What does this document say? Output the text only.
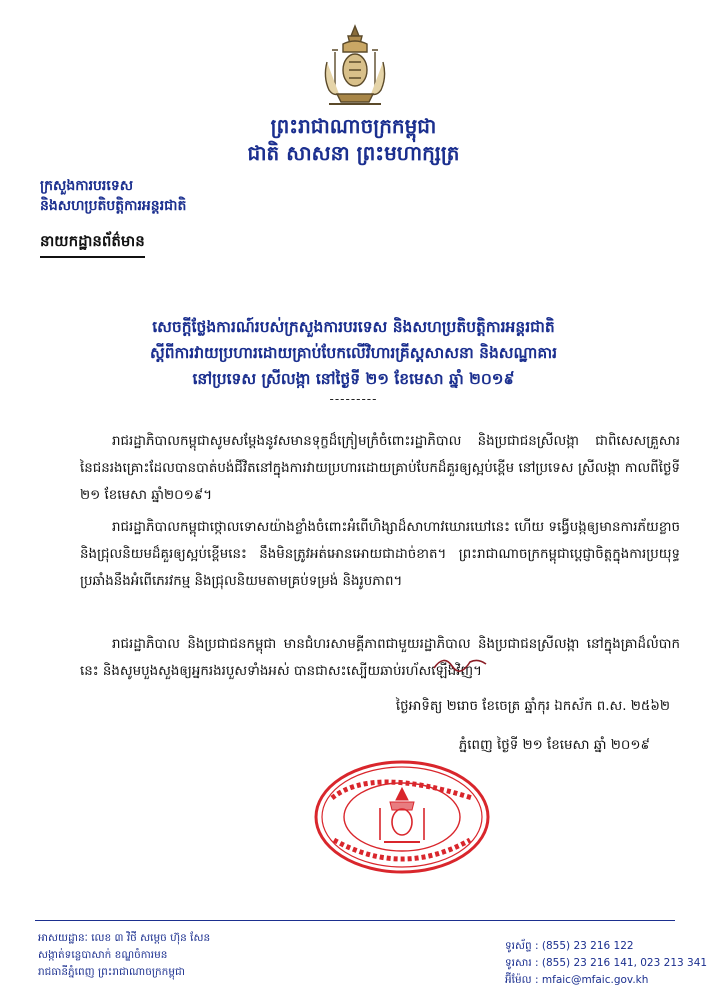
ព្រះរាជាណាចក្រកម្ពុជា
ជាតិ សាសនា ព្រះមហាក្សត្រ
ក្រសួងការបរទេស
និងសហប្រតិបត្តិការអន្តរជាតិ
នាយកដ្ឋានព័ត៌មាន
សេចក្តីថ្លែងការណ៍របស់ក្រសួងការបរទេស និងសហប្រតិបត្តិការអន្តរជាតិ
ស្តីពីការវាយប្រហារដោយគ្រាប់បែកលើវិហារគ្រីស្តសាសនា និងសណ្ឋាគារ
នៅប្រទេស ស្រីលង្កា នៅថ្ងៃទី ២១ ខែមេសា ឆ្នាំ ២០១៩
---------
រាជរដ្ឋាភិបាលកម្ពុជាសូមសម្តែងនូវសមានទុក្ខដ៏ក្រៀមក្រំចំពោះរដ្ឋាភិបាល និងប្រជាជនស្រីលង្កា ជាពិសេសគ្រួសារនៃជនរងគ្រោះដែលបានបាត់បង់ជីវិតនៅក្នុងការវាយប្រហារដោយគ្រាប់បែកដ៏គួរឲ្យស្អប់ខ្ពើម នៅប្រទេស ស្រីលង្កា កាលពីថ្ងៃទី ២១ ខែមេសា ឆ្នាំ២០១៩។
រាជរដ្ឋាភិបាលកម្ពុជាថ្កោលទោសយ៉ាងខ្លាំងចំពោះអំពើហិង្សាដ៏សាហាវឃោរឃៅនេះ ហើយ ទង្វើបង្កឲ្យមានការភ័យខ្លាច និងជ្រុលនិយមដ៏គួរឲ្យស្អប់ខ្ពើមនេះ នឹងមិនត្រូវអត់អោនអោយជាដាច់ខាត។ ព្រះរាជាណាចក្រកម្ពុជាប្តេជ្ញាចិត្តក្នុងការប្រយុទ្ធប្រឆាំងនឹងអំពើភេរវកម្ម និងជ្រុលនិយមតាមគ្រប់ទម្រង់ និងរូបភាព។
រាជរដ្ឋាភិបាល និងប្រជាជនកម្ពុជា មានជំហរសាមគ្គីភាពជាមួយរដ្ឋាភិបាល និងប្រជាជនស្រីលង្កា នៅក្នុងគ្រាដ៏លំបាកនេះ និងសូមបួងសួងឲ្យអ្នករងរបួសទាំងអស់ បានជាសះស្បើយឆាប់រហ័សឡើងវិញ។
ថ្ងៃអាទិត្យ ២រោច ខែចេត្រ ឆ្នាំកុរ ឯកស័ក ព.ស. ២៥៦២
ភ្នំពេញ ថ្ងៃទី ២១ ខែមេសា ឆ្នាំ ២០១៩
អាសយដ្ឋានៈ លេខ ៣ វិថី សម្តេច ហ៊ុន សែន
សង្កាត់ទន្លេបាសាក់ ខណ្ឌចំការមន
រាជធានីភ្នំពេញ ព្រះរាជាណាចក្រកម្ពុជា
ទូរស័ព្ទ : (855) 23 216 122
ទូរសារ : (855) 23 216 141, 023 213 341
អ៊ីម៉ែល : mfaic@mfaic.gov.kh
